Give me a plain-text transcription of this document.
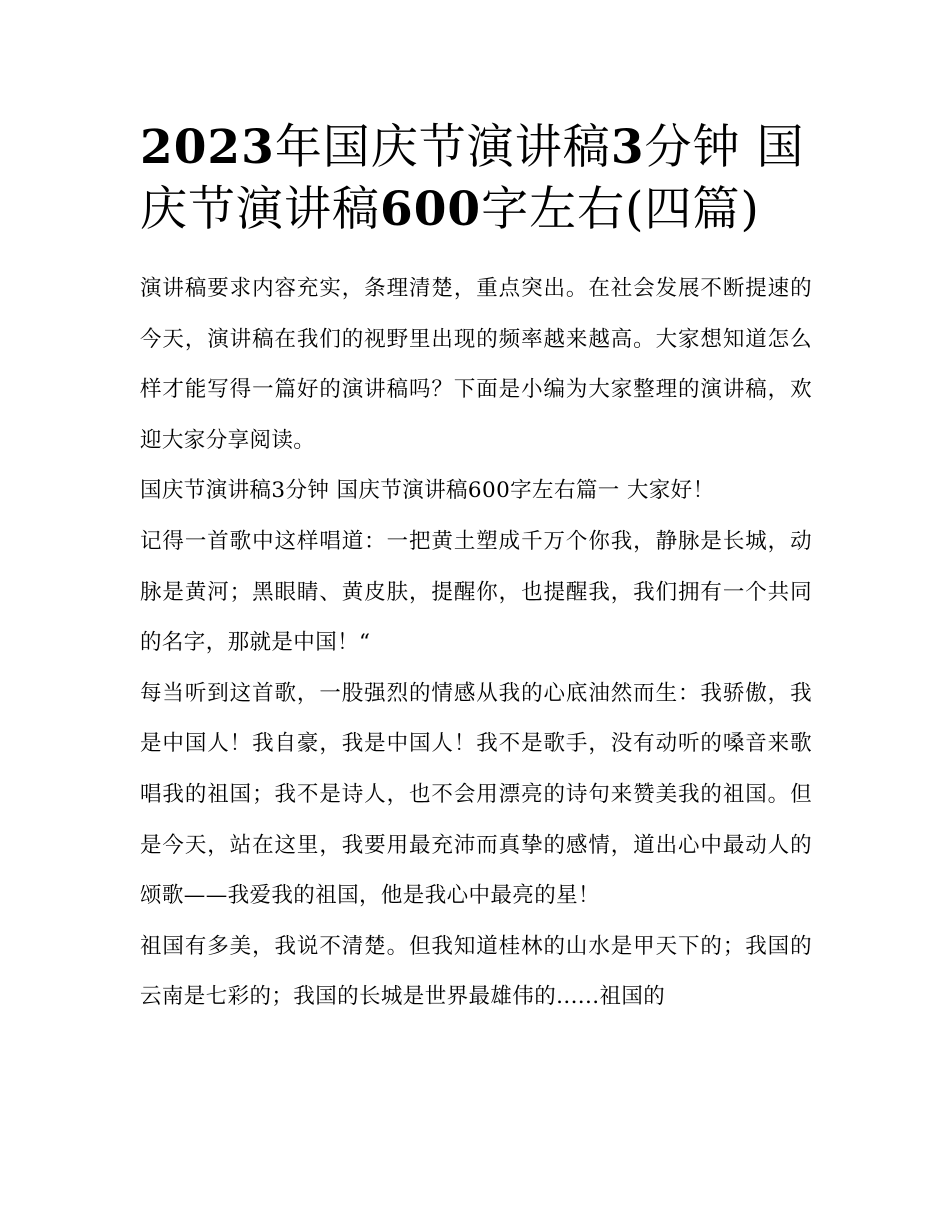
2023年国庆节演讲稿3分钟 国庆节演讲稿600字左右(四篇)

演讲稿要求内容充实，条理清楚，重点突出。在社会发展不断提速的今天，演讲稿在我们的视野里出现的频率越来越高。大家想知道怎么样才能写得一篇好的演讲稿吗？下面是小编为大家整理的演讲稿，欢迎大家分享阅读。

国庆节演讲稿3分钟 国庆节演讲稿600字左右篇一 大家好！

记得一首歌中这样唱道：一把黄土塑成千万个你我，静脉是长城，动脉是黄河；黑眼睛、黄皮肤，提醒你，也提醒我，我们拥有一个共同的名字，那就是中国！“

每当听到这首歌，一股强烈的情感从我的心底油然而生：我骄傲，我是中国人！我自豪，我是中国人！我不是歌手，没有动听的嗓音来歌唱我的祖国；我不是诗人，也不会用漂亮的诗句来赞美我的祖国。但是今天，站在这里，我要用最充沛而真挚的感情，道出心中最动人的颂歌——我爱我的祖国，他是我心中最亮的星！

祖国有多美，我说不清楚。但我知道桂林的山水是甲天下的；我国的云南是七彩的；我国的长城是世界最雄伟的......祖国的
